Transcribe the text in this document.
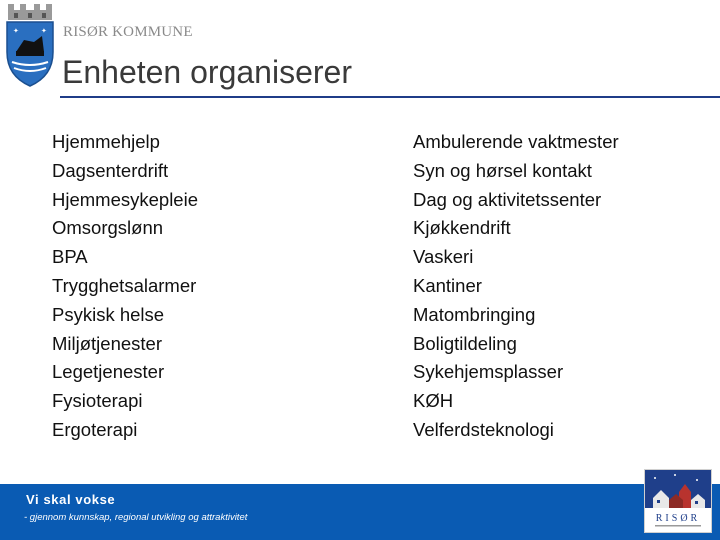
✦	✦ RISØR KOMMUNE
Enheten organiserer
Hjemmehjelp
Dagsenterdrift
Hjemmesykepleie
Omsorgslønn
BPA
Trygghetsalarmer
Psykisk helse
Miljøtjenester
Legetjenester
Fysioterapi
Ergoterapi
Ambulerende vaktmester
Syn og hørsel kontakt
Dag og aktivitetssenter
Kjøkkendrift
Vaskeri
Kantiner
Matombringing
Boligtildeling
Sykehjemsplasser
KØH
Velferdsteknologi
Vi skal vokse
- gjennom kunnskap, regional utvikling og attraktivitet	RISØR
